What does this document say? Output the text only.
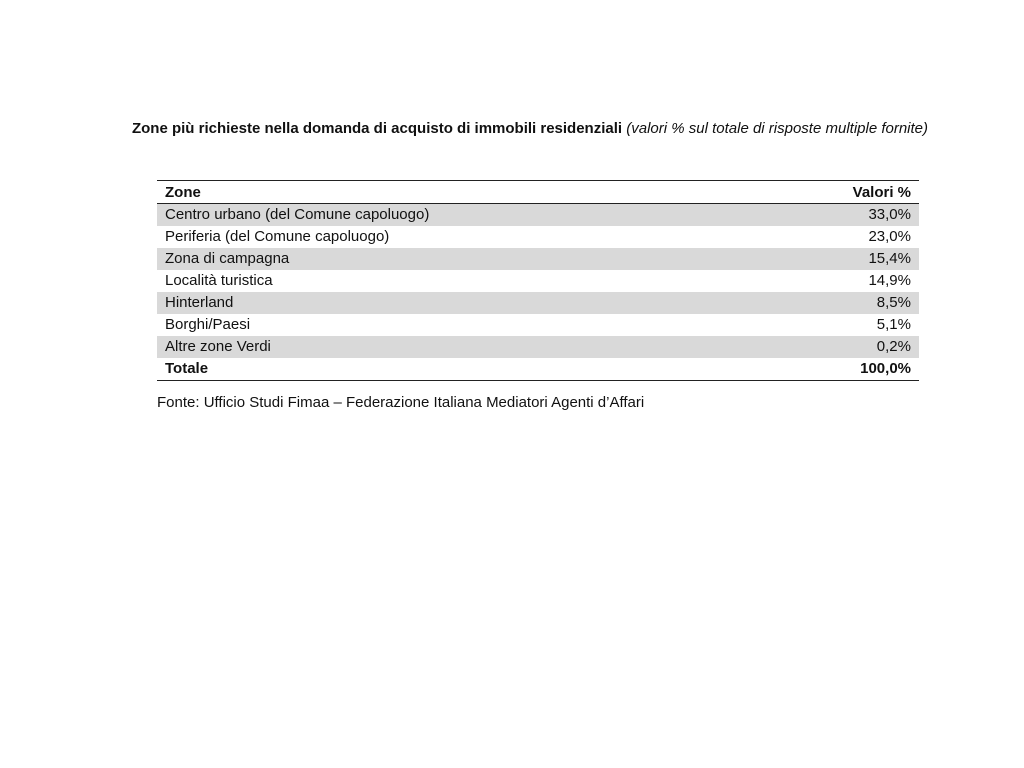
Zone più richieste nella domanda di acquisto di immobili residenziali (valori % sul totale di risposte multiple fornite)
Zone	Valori %
Centro urbano (del Comune capoluogo)	33,0%
Periferia (del Comune capoluogo)	23,0%
Zona di campagna	15,4%
Località turistica	14,9%
Hinterland	8,5%
Borghi/Paesi	5,1%
Altre zone Verdi	0,2%
Totale	100,0%
Fonte: Ufficio Studi Fimaa – Federazione Italiana Mediatori Agenti d’Affari
